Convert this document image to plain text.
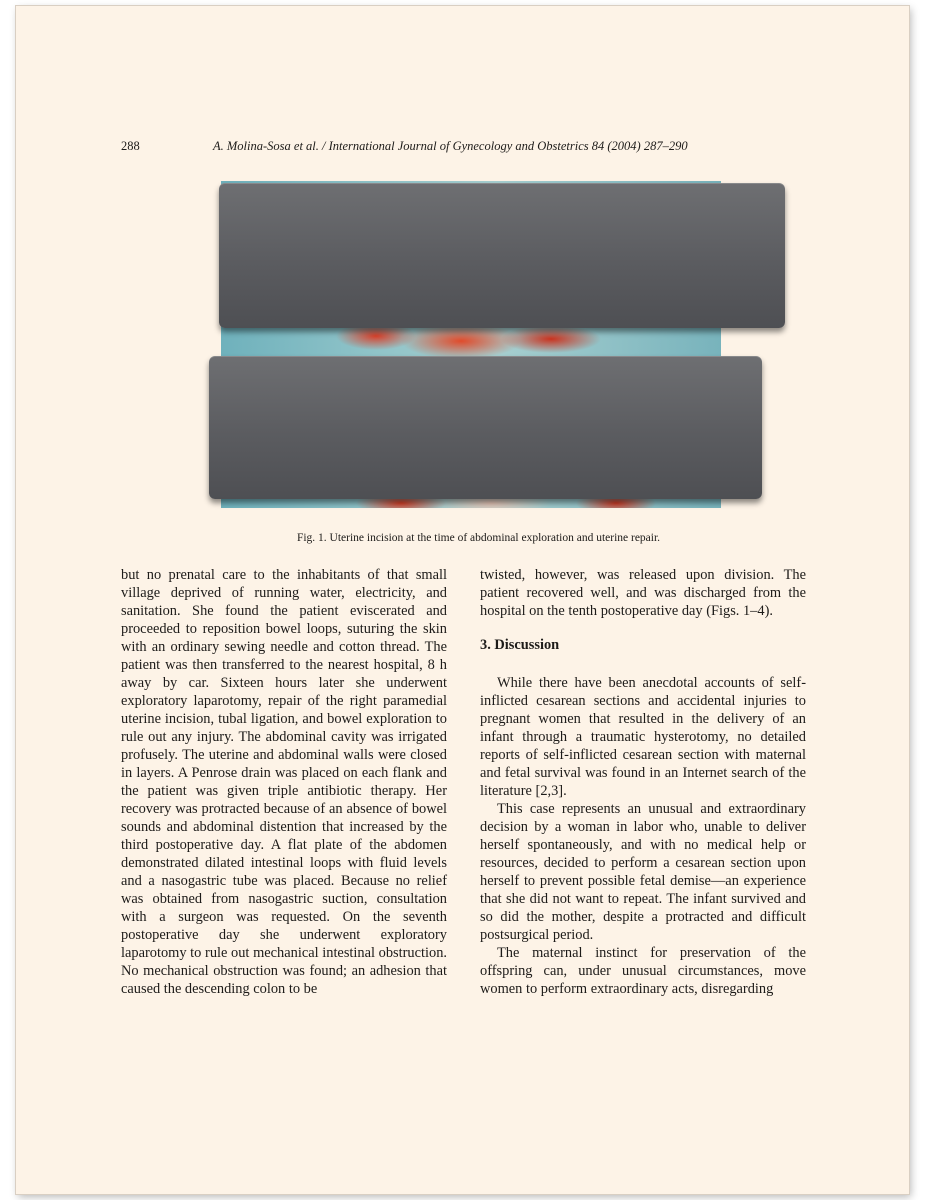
288	A. Molina-Sosa et al. / International Journal of Gynecology and Obstetrics 84 (2004) 287–290
Fig. 1. Uterine incision at the time of abdominal exploration and uterine repair.

but no prenatal care to the inhabitants of that small village deprived of running water, electricity, and sanitation. She found the patient eviscerated and proceeded to reposition bowel loops, suturing the skin with an ordinary sewing needle and cotton thread. The patient was then transferred to the nearest hospital, 8 h away by car. Sixteen hours later she underwent exploratory laparotomy, repair of the right paramedial uterine incision, tubal ligation, and bowel exploration to rule out any injury. The abdominal cavity was irrigated profusely. The uterine and abdominal walls were closed in layers. A Penrose drain was placed on each flank and the patient was given triple antibiotic therapy. Her recovery was protracted because of an absence of bowel sounds and abdominal distention that increased by the third postoperative day. A flat plate of the abdomen demonstrated dilated intestinal loops with fluid levels and a nasogastric tube was placed. Because no relief was obtained from nasogastric suction, consultation with a surgeon was requested. On the seventh postoperative day she underwent exploratory laparotomy to rule out mechanical intestinal obstruction. No mechanical obstruction was found; an adhesion that caused the descending colon to be

twisted, however, was released upon division. The patient recovered well, and was discharged from the hospital on the tenth postoperative day (Figs. 1–4).

3. Discussion

While there have been anecdotal accounts of self-inflicted cesarean sections and accidental injuries to pregnant women that resulted in the delivery of an infant through a traumatic hysterotomy, no detailed reports of self-inflicted cesarean section with maternal and fetal survival was found in an Internet search of the literature [2,3].

This case represents an unusual and extraordinary decision by a woman in labor who, unable to deliver herself spontaneously, and with no medical help or resources, decided to perform a cesarean section upon herself to prevent possible fetal demise—an experience that she did not want to repeat. The infant survived and so did the mother, despite a protracted and difficult postsurgical period.

The maternal instinct for preservation of the offspring can, under unusual circumstances, move women to perform extraordinary acts, disregarding
